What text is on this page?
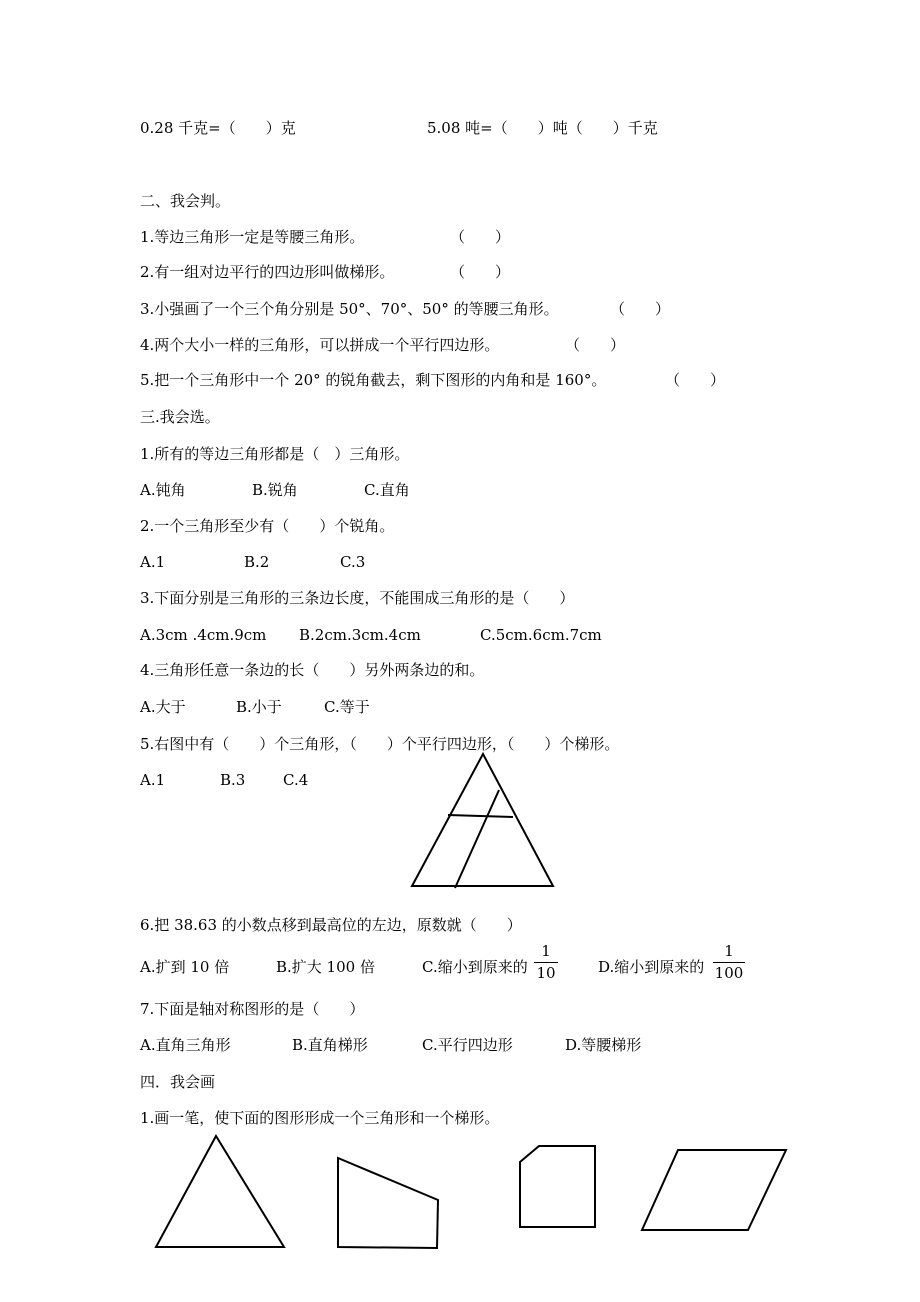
0.28 千克=（　　）克	5.08 吨=（　　）吨（　　）千克
二、我会判。
1.等边三角形一定是等腰三角形。	（　　）
2.有一组对边平行的四边形叫做梯形。	（　　）
3.小强画了一个三个角分别是 50°、70°、50° 的等腰三角形。	（　　）
4.两个大小一样的三角形，可以拼成一个平行四边形。	（　　）
5.把一个三角形中一个 20° 的锐角截去，剩下图形的内角和是 160°。	（　　）
三.我会选。
1.所有的等边三角形都是（　）三角形。
A.钝角	B.锐角	C.直角
2.一个三角形至少有（　　）个锐角。
A.1	B.2	C.3
3.下面分别是三角形的三条边长度，不能围成三角形的是（　　）
A.3cm .4cm.9cm B.2cm.3cm.4cm	C.5cm.6cm.7cm
4.三角形任意一条边的长（　　）另外两条边的和。
A.大于	B.小于	C.等于
5.右图中有（　　）个三角形，（　　）个平行四边形，（　　）个梯形。
A.1	B.3	C.4
6.把 38.63 的小数点移到最高位的左边，原数就（　　）
A.扩到 10 倍	B.扩大 100 倍	C.缩小到原来的 $\frac{1}{10}$	D.缩小到原来的 $\frac{1}{100}$
7.下面是轴对称图形的是（　　）
A.直角三角形	B.直角梯形	C.平行四边形	D.等腰梯形
四．我会画
1.画一笔，使下面的图形形成一个三角形和一个梯形。
